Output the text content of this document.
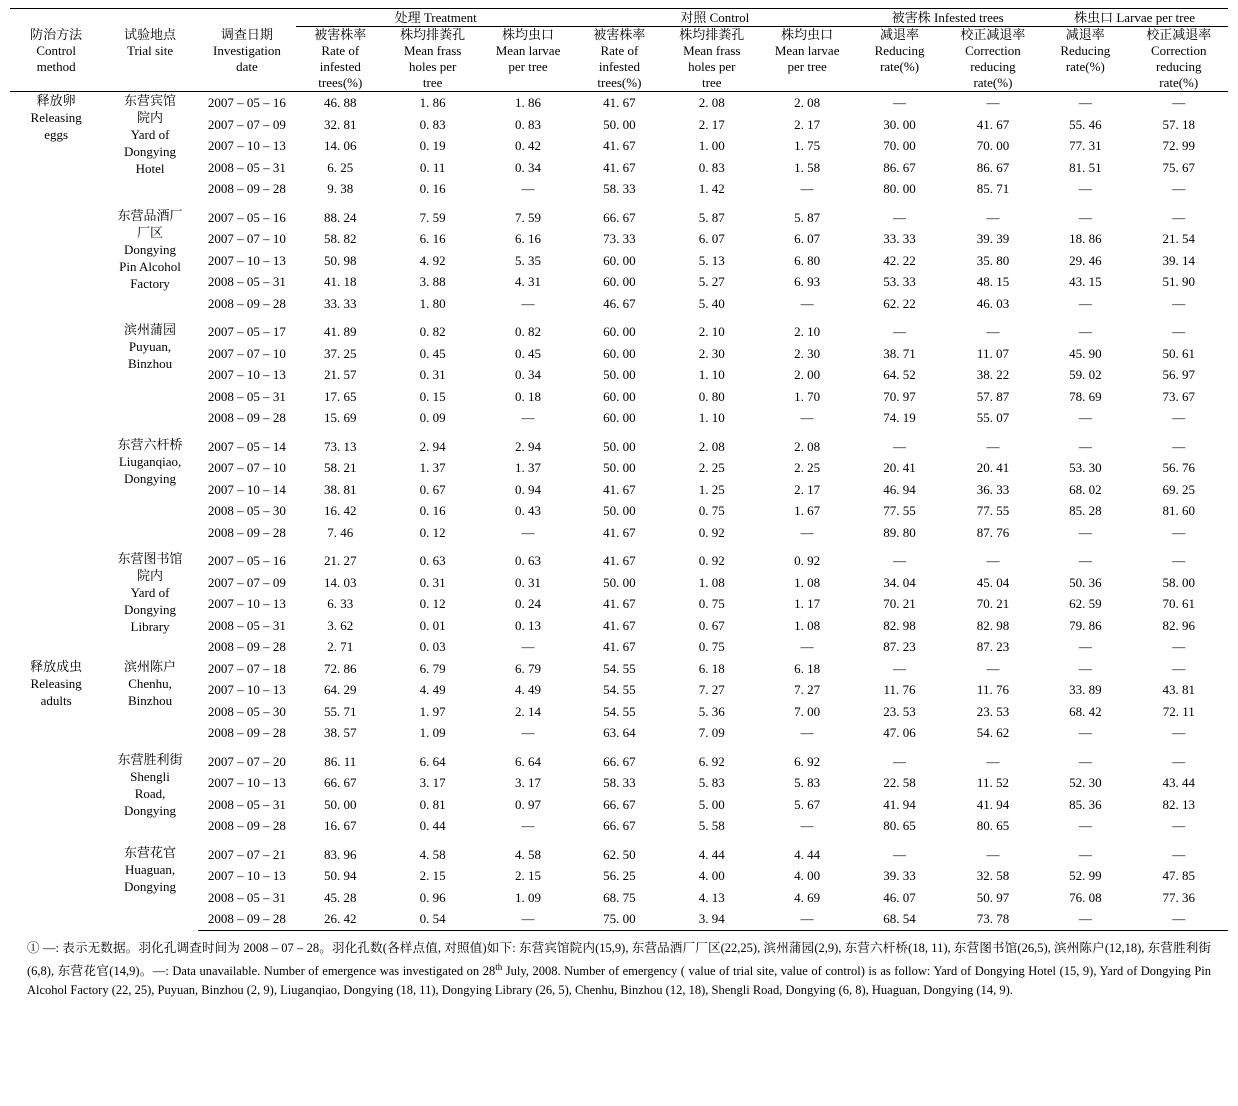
			处理 Treatment			对照 Control			被害株 Infested trees		株虫口 Larvae per tree	

防治方法
Control
method	试验地点
Trial site	调查日期
Investigation
date	被害株率
Rate of
infested
trees(%)	株均排粪孔
Mean frass
holes per
tree	株均虫口
Mean larvae
per tree	被害株率
Rate of
infested
trees(%)	株均排粪孔
Mean frass
holes per
tree	株均虫口
Mean larvae
per tree	减退率
Reducing
rate(%)	校正减退率
Correction
reducing
rate(%)	减退率
Reducing
rate(%)	校正减退率
Correction
reducing
rate(%)

释放卵
Releasing
eggs	东营宾馆
院内
Yard of
Dongying
Hotel	2007 – 05 – 16	46. 88	1. 86	1. 86	41. 67	2. 08	2. 08	—	—	—	—
		2007 – 07 – 09	32. 81	0. 83	0. 83	50. 00	2. 17	2. 17	30. 00	41. 67	55. 46	57. 18
		2007 – 10 – 13	14. 06	0. 19	0. 42	41. 67	1. 00	1. 75	70. 00	70. 00	77. 31	72. 99
		2008 – 05 – 31	6. 25	0. 11	0. 34	41. 67	0. 83	1. 58	86. 67	86. 67	81. 51	75. 67
		2008 – 09 – 28	9. 38	0. 16	—	58. 33	1. 42	—	80. 00	85. 71	—	—

	东营品酒厂
厂区
Dongying
Pin Alcohol
Factory	2007 – 05 – 16	88. 24	7. 59	7. 59	66. 67	5. 87	5. 87	—	—	—	—
		2007 – 07 – 10	58. 82	6. 16	6. 16	73. 33	6. 07	6. 07	33. 33	39. 39	18. 86	21. 54
		2007 – 10 – 13	50. 98	4. 92	5. 35	60. 00	5. 13	6. 80	42. 22	35. 80	29. 46	39. 14
		2008 – 05 – 31	41. 18	3. 88	4. 31	60. 00	5. 27	6. 93	53. 33	48. 15	43. 15	51. 90
		2008 – 09 – 28	33. 33	1. 80	—	46. 67	5. 40	—	62. 22	46. 03	—	—

	滨州蒲园
Puyuan,
Binzhou	2007 – 05 – 17	41. 89	0. 82	0. 82	60. 00	2. 10	2. 10	—	—	—	—
		2007 – 07 – 10	37. 25	0. 45	0. 45	60. 00	2. 30	2. 30	38. 71	11. 07	45. 90	50. 61
		2007 – 10 – 13	21. 57	0. 31	0. 34	50. 00	1. 10	2. 00	64. 52	38. 22	59. 02	56. 97
		2008 – 05 – 31	17. 65	0. 15	0. 18	60. 00	0. 80	1. 70	70. 97	57. 87	78. 69	73. 67
		2008 – 09 – 28	15. 69	0. 09	—	60. 00	1. 10	—	74. 19	55. 07	—	—

	东营六杆桥
Liuganqiao,
Dongying	2007 – 05 – 14	73. 13	2. 94	2. 94	50. 00	2. 08	2. 08	—	—	—	—
		2007 – 07 – 10	58. 21	1. 37	1. 37	50. 00	2. 25	2. 25	20. 41	20. 41	53. 30	56. 76
		2007 – 10 – 14	38. 81	0. 67	0. 94	41. 67	1. 25	2. 17	46. 94	36. 33	68. 02	69. 25
		2008 – 05 – 30	16. 42	0. 16	0. 43	50. 00	0. 75	1. 67	77. 55	77. 55	85. 28	81. 60
		2008 – 09 – 28	7. 46	0. 12	—	41. 67	0. 92	—	89. 80	87. 76	—	—

	东营图书馆
院内
Yard of
Dongying
Library	2007 – 05 – 16	21. 27	0. 63	0. 63	41. 67	0. 92	0. 92	—	—	—	—
		2007 – 07 – 09	14. 03	0. 31	0. 31	50. 00	1. 08	1. 08	34. 04	45. 04	50. 36	58. 00
		2007 – 10 – 13	6. 33	0. 12	0. 24	41. 67	0. 75	1. 17	70. 21	70. 21	62. 59	70. 61
		2008 – 05 – 31	3. 62	0. 01	0. 13	41. 67	0. 67	1. 08	82. 98	82. 98	79. 86	82. 96
		2008 – 09 – 28	2. 71	0. 03	—	41. 67	0. 75	—	87. 23	87. 23	—	—

释放成虫
Releasing
adults	滨州陈户
Chenhu,
Binzhou	2007 – 07 – 18	72. 86	6. 79	6. 79	54. 55	6. 18	6. 18	—	—	—	—
		2007 – 10 – 13	64. 29	4. 49	4. 49	54. 55	7. 27	7. 27	11. 76	11. 76	33. 89	43. 81
		2008 – 05 – 30	55. 71	1. 97	2. 14	54. 55	5. 36	7. 00	23. 53	23. 53	68. 42	72. 11
		2008 – 09 – 28	38. 57	1. 09	—	63. 64	7. 09	—	47. 06	54. 62	—	—

	东营胜利街
Shengli
Road,
Dongying	2007 – 07 – 20	86. 11	6. 64	6. 64	66. 67	6. 92	6. 92	—	—	—	—
		2007 – 10 – 13	66. 67	3. 17	3. 17	58. 33	5. 83	5. 83	22. 58	11. 52	52. 30	43. 44
		2008 – 05 – 31	50. 00	0. 81	0. 97	66. 67	5. 00	5. 67	41. 94	41. 94	85. 36	82. 13
		2008 – 09 – 28	16. 67	0. 44	—	66. 67	5. 58	—	80. 65	80. 65	—	—

	东营花官
Huaguan,
Dongying	2007 – 07 – 21	83. 96	4. 58	4. 58	62. 50	4. 44	4. 44	—	—	—	—
		2007 – 10 – 13	50. 94	2. 15	2. 15	56. 25	4. 00	4. 00	39. 33	32. 58	52. 99	47. 85
		2008 – 05 – 31	45. 28	0. 96	1. 09	68. 75	4. 13	4. 69	46. 07	50. 97	76. 08	77. 36
		2008 – 09 – 28	26. 42	0. 54	—	75. 00	3. 94	—	68. 54	73. 78	—	—
① —: 表示无数据。羽化孔调查时间为 2008 – 07 – 28。羽化孔数(各样点值, 对照值)如下: 东营宾馆院内(15,9), 东营品酒厂厂区(22,25), 滨州蒲园(2,9), 东营六杆桥(18, 11), 东营图书馆(26,5), 滨州陈户(12,18), 东营胜利街(6,8), 东营花官(14,9)。—: Data unavailable. Number of emergence was investigated on 28th July, 2008. Number of emergency ( value of trial site, value of control) is as follow: Yard of Dongying Hotel (15, 9), Yard of Dongying Pin Alcohol Factory (22, 25), Puyuan, Binzhou (2, 9), Liuganqiao, Dongying (18, 11), Dongying Library (26, 5), Chenhu, Binzhou (12, 18), Shengli Road, Dongying (6, 8), Huaguan, Dongying (14, 9).
